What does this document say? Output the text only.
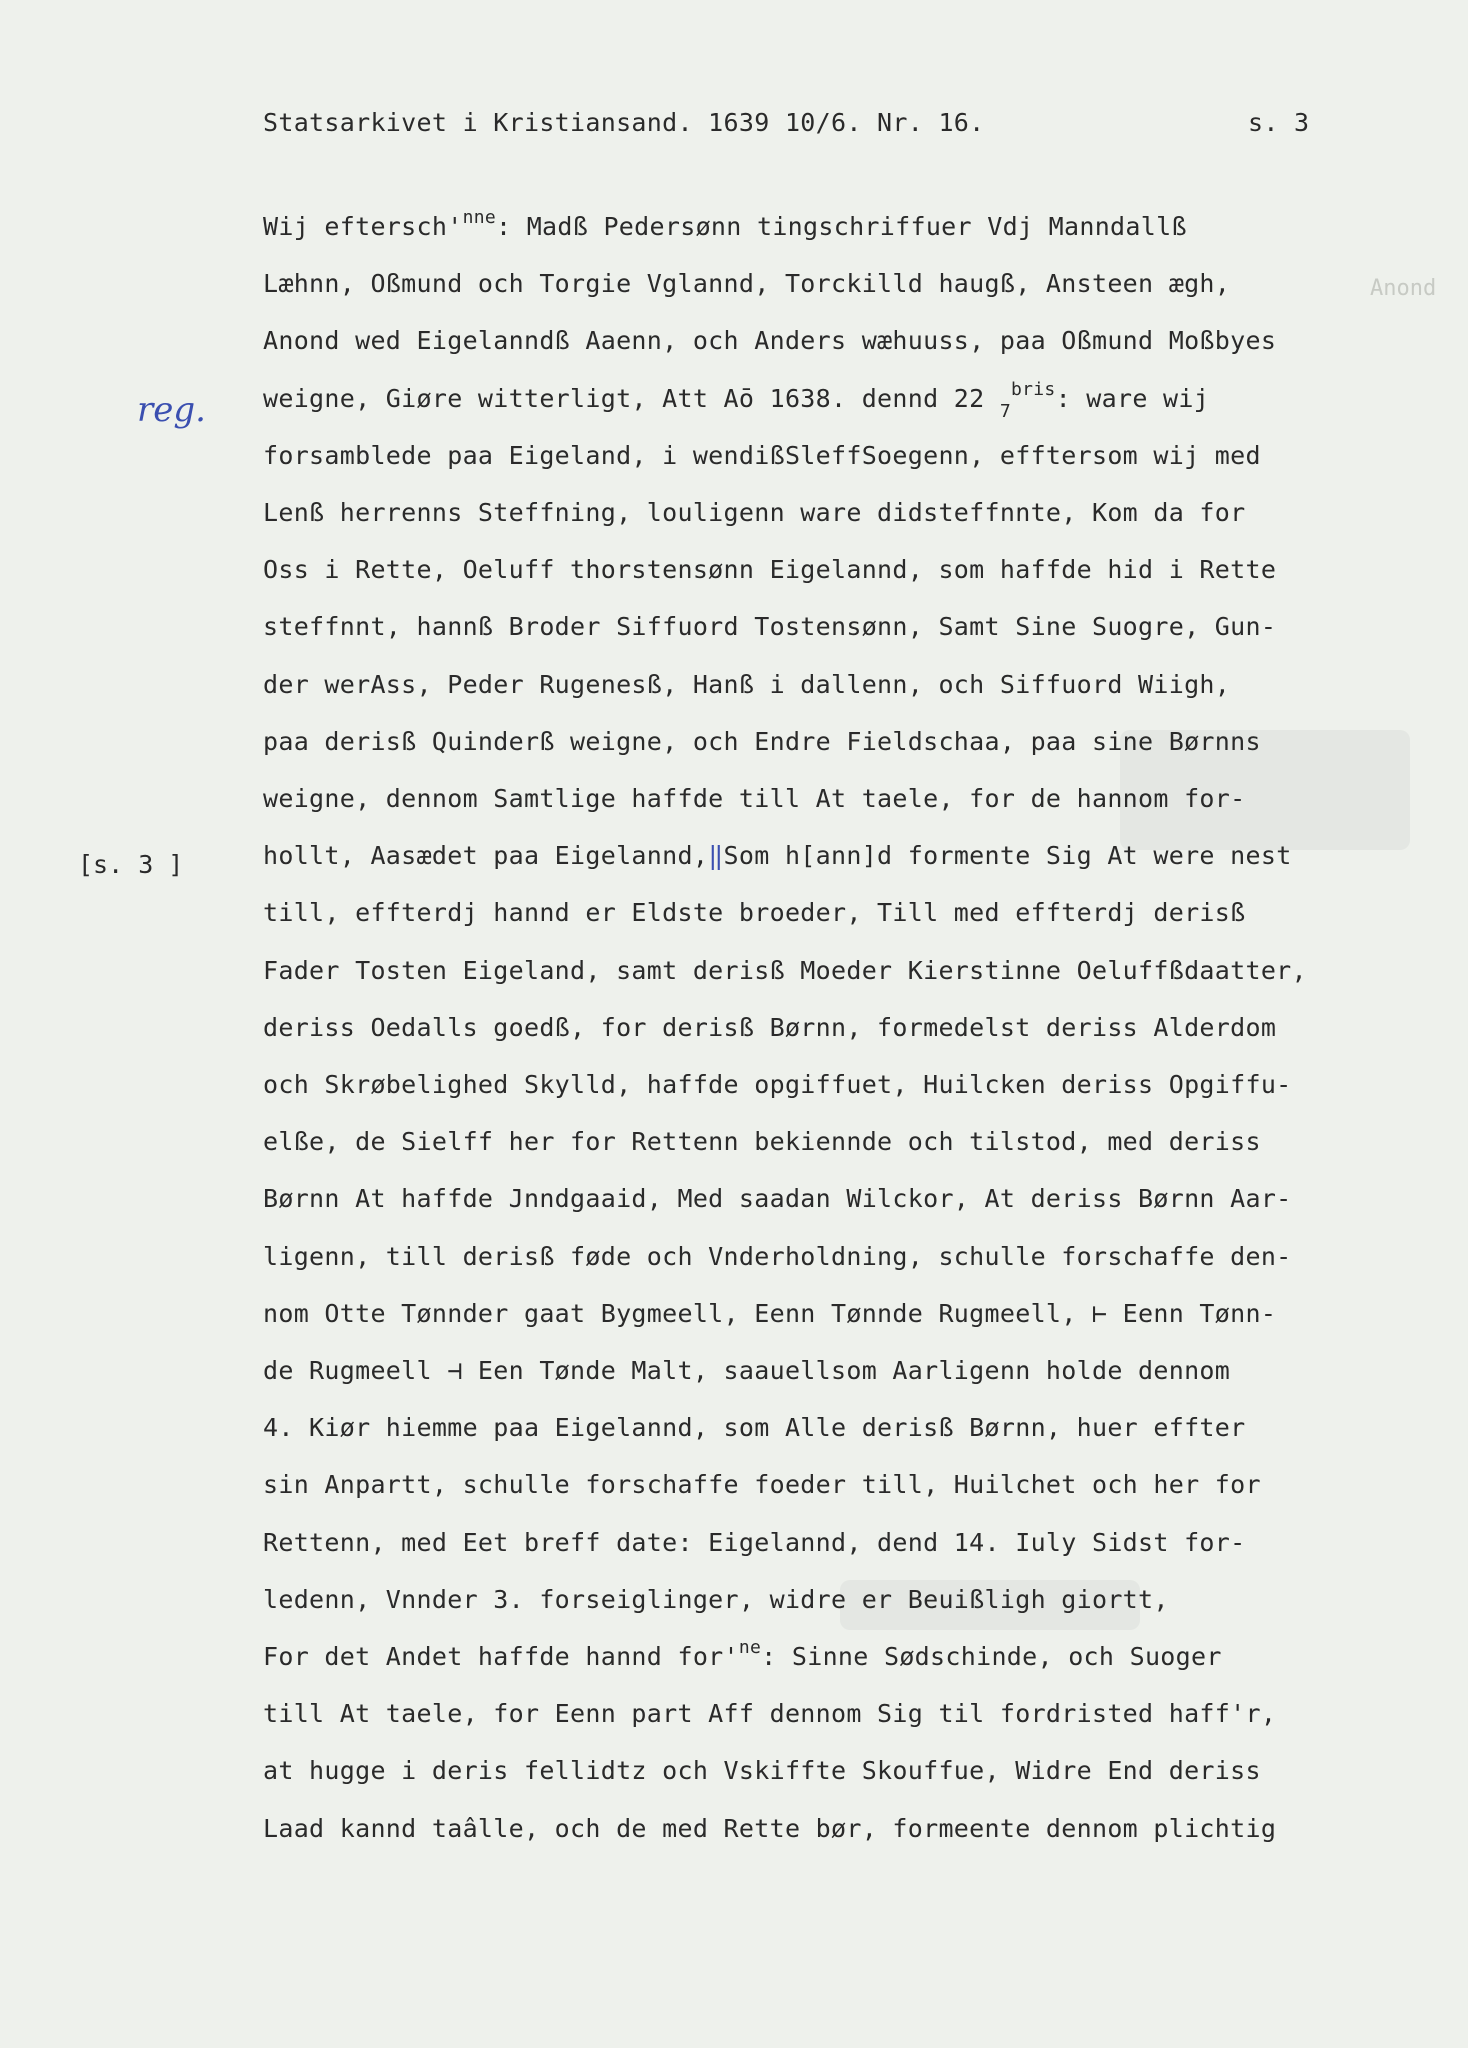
Statsarkivet i Kristiansand. 1639 10/6. Nr. 16.	s. 3
reg.
[s. 3 ]
Anond
Wij $eftersch'^{nne}$: Madß Pedersønn tingschriffuer Vdj Manndallß
Læhnn, Oßmund och Torgie Vglannd, Torckilld haugß, Ansteen ægh,
Anond wed Eigelanndß Aaenn, och Anders wæhuuss, paa Oßmund Moßbyes
weigne, Giøre witterligt, Att Aō 1638. dennd 22 $_7^{bris}$: ware wij
forsamblede paa Eigeland, i wendißSleffSoegenn, efftersom wij med
Lenß herrenns Steffning, louligenn ware didsteffnnte, Kom da for
Oss i Rette, Oeluff thorstensønn Eigelannd, som haffde hid i Rette
steffnnt, hannß Broder Siffuord Tostensønn, Samt Sine Suogre, Gun-
der werAss, Peder Rugenesß, Hanß i dallenn, och Siffuord Wiigh,
paa derisß Quinderß weigne, och Endre Fieldschaa, paa sine Børnns
weigne, dennom Samtlige haffde till At taele, for de hannom for-
hollt, Aasædet paa Eigelannd,‖Som h[ann]d formente Sig At were nest
till, effterdj hannd er Eldste broeder, Till med effterdj derisß
Fader Tosten Eigeland, samt derisß Moeder Kierstinne Oeluffßdaatter,
deriss Oedalls goedß, for derisß Børnn, formedelst deriss Alderdom
och Skrøbelighed Skylld, haffde opgiffuet, Huilcken deriss Opgiffu-
elße, de Sielff her for Rettenn bekiennde och tilstod, med deriss
Børnn At haffde Jnndgaaid, Med saadan Wilckor, At deriss Børnn Aar-
ligenn, till derisß føde och Vnderholdning, schulle forschaffe den-
nom Otte Tønnder gaat Bygmeell, Eenn Tønnde Rugmeell, ⊢ Eenn Tønn-
de Rugmeell ⊣ Een Tønde Malt, saauellsom Aarligenn holde dennom
4. Kiør hiemme paa Eigelannd, som Alle derisß Børnn, huer effter
sin Anpartt, schulle forschaffe foeder till, Huilchet och her for
Rettenn, med Eet breff date: Eigelannd, dend 14. Iuly Sidst for-
ledenn, Vnnder 3. forseiglinger, widre er Beuißligh giortt,
For det Andet haffde hannd $for'^{ne}$: Sinne Sødschinde, och Suoger
till At taele, for Eenn part Aff dennom Sig til fordristed haff'r,
at hugge i deris fellidtz och Vskiffte Skouffue, Widre End deriss
Laad kannd taâlle, och de med Rette bør, formeente dennom plichtig
